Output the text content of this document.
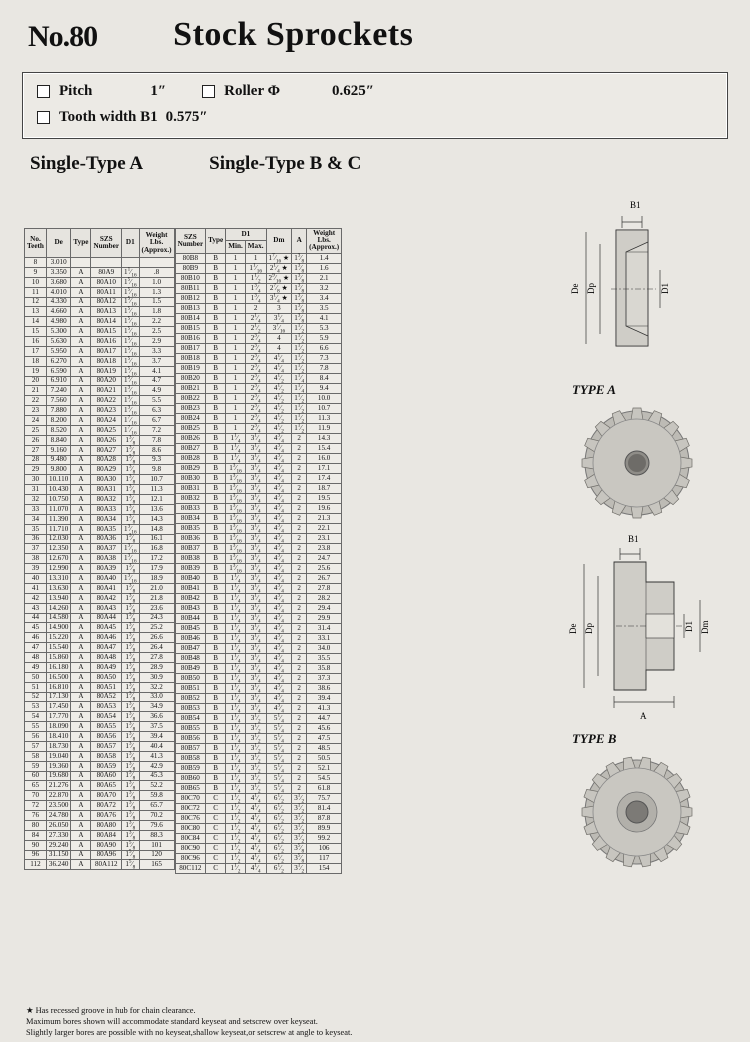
No.80 Stock Sprockets
Pitch	1″	Roller Φ	0.625″
Tooth width B1 0.575″
Single-Type A	Single-Type B & C
No.
Teeth	De	Type	SZS
Number	D1	Weight
Lbs.
(Approx.)
8	3.010				
9	3.350	A	80A9	$1^1⁄_{16}$	.8
10	3.680	A	80A10	$1^5⁄_{16}$	1.0
11	4.010	A	80A11	$1^5⁄_{16}$	1.3
12	4.330	A	80A12	$1^5⁄_{16}$	1.5
13	4.660	A	80A13	$1^5⁄_{16}$	1.8
14	4.980	A	80A14	$1^5⁄_{16}$	2.2
15	5.300	A	80A15	$1^5⁄_{16}$	2.5
16	5.630	A	80A16	$1^5⁄_{16}$	2.9
17	5.950	A	80A17	$1^5⁄_{16}$	3.3
18	6.270	A	80A18	$1^5⁄_{16}$	3.7
19	6.590	A	80A19	$1^5⁄_{16}$	4.1
20	6.910	A	80A20	$1^5⁄_{16}$	4.7
21	7.240	A	80A21	$1^3⁄_{16}$	4.9
22	7.560	A	80A22	$1^3⁄_{16}$	5.5
23	7.880	A	80A23	$1^3⁄_{16}$	6.3
24	8.200	A	80A24	$1^7⁄_{16}$	6.7
25	8.520	A	80A25	$1^7⁄_{16}$	7.2
26	8.840	A	80A26	$1^3⁄_8$	7.8
27	9.160	A	80A27	$1^3⁄_8$	8.6
28	9.480	A	80A28	$1^3⁄_8$	9.3
29	9.800	A	80A29	$1^3⁄_8$	9.8
30	10.110	A	80A30	$1^3⁄_8$	10.7
31	10.430	A	80A31	$1^3⁄_8$	11.3
32	10.750	A	80A32	$1^3⁄_8$	12.1
33	11.070	A	80A33	$1^3⁄_8$	13.6
34	11.390	A	80A34	$1^3⁄_8$	14.3
35	11.710	A	80A35	$1^3⁄_{16}$	14.8
36	12.030	A	80A36	$1^3⁄_8$	16.1
37	12.350	A	80A37	$1^3⁄_{16}$	16.8
38	12.670	A	80A38	$1^3⁄_{16}$	17.2
39	12.990	A	80A39	$1^3⁄_8$	17.9
40	13.310	A	80A40	$1^3⁄_{16}$	18.9
41	13.630	A	80A41	$1^3⁄_8$	21.0
42	13.940	A	80A42	$1^3⁄_8$	21.8
43	14.260	A	80A43	$1^3⁄_8$	23.6
44	14.580	A	80A44	$1^3⁄_8$	24.3
45	14.900	A	80A45	$1^3⁄_8$	25.2
46	15.220	A	80A46	$1^3⁄_8$	26.6
47	15.540	A	80A47	$1^3⁄_8$	26.4
48	15.860	A	80A48	$1^3⁄_8$	27.8
49	16.180	A	80A49	$1^3⁄_8$	28.9
50	16.500	A	80A50	$1^3⁄_8$	30.9
51	16.810	A	80A51	$1^3⁄_8$	32.2
52	17.130	A	80A52	$1^3⁄_8$	33.0
53	17.450	A	80A53	$1^3⁄_8$	34.9
54	17.770	A	80A54	$1^3⁄_8$	36.6
55	18.090	A	80A55	$1^3⁄_8$	37.5
56	18.410	A	80A56	$1^3⁄_8$	39.4
57	18.730	A	80A57	$1^3⁄_8$	40.4
58	19.040	A	80A58	$1^3⁄_8$	41.3
59	19.360	A	80A59	$1^3⁄_8$	42.9
60	19.680	A	80A60	$1^3⁄_8$	45.3
65	21.276	A	80A65	$1^3⁄_8$	52.2
70	22.870	A	80A70	$1^3⁄_8$	59.8
72	23.500	A	80A72	$1^3⁄_8$	65.7
76	24.780	A	80A76	$1^3⁄_8$	70.2
80	26.050	A	80A80	$1^3⁄_8$	79.6
84	27.330	A	80A84	$1^3⁄_8$	88.3
90	29.240	A	80A90	$1^5⁄_8$	101
96	31.150	A	80A96	$1^5⁄_8$	120
112	36.240	A	80A112	$1^5⁄_8$	165
SZS
Number	Type	D1		Dm	A	Weight
Lbs.
(Approx.)
		Min.	Max.			
80B8	B	1	1	$1^7⁄_{16}$ ★	$1^3⁄_8$	1.4
80B9	B	1	$1^1⁄_{16}$	$2^1⁄_4$ ★	$1^3⁄_8$	1.6
80B10	B	1	$1^1⁄_2$	$2^9⁄_{16}$ ★	$1^3⁄_8$	2.1
80B11	B	1	$1^3⁄_4$	$2^7⁄_8$ ★	$1^3⁄_8$	3.2
80B12	B	1	$1^3⁄_4$	$3^1⁄_4$ ★	$1^3⁄_8$	3.4
80B13	B	1	2	3	$1^3⁄_8$	3.5
80B14	B	1	$2^1⁄_4$	$3^1⁄_4$	$1^3⁄_8$	4.1
80B15	B	1	$2^1⁄_2$	$3^7⁄_{16}$	$1^1⁄_2$	5.3
80B16	B	1	$2^3⁄_4$	4	$1^1⁄_2$	5.9
80B17	B	1	$2^3⁄_4$	4	$1^1⁄_2$	6.6
80B18	B	1	$2^3⁄_4$	$4^1⁄_4$	$1^1⁄_2$	7.3
80B19	B	1	$2^3⁄_4$	$4^1⁄_4$	$1^1⁄_2$	7.8
80B20	B	1	$2^3⁄_4$	$4^1⁄_2$	$1^1⁄_4$	8.4
80B21	B	1	$2^3⁄_4$	$4^1⁄_2$	$1^1⁄_4$	9.4
80B22	B	1	$2^3⁄_4$	$4^1⁄_2$	$1^1⁄_2$	10.0
80B23	B	1	$2^3⁄_4$	$4^1⁄_2$	$1^1⁄_2$	10.7
80B24	B	1	$2^3⁄_4$	$4^1⁄_2$	$1^1⁄_2$	11.3
80B25	B	1	$2^3⁄_4$	$4^1⁄_2$	$1^1⁄_2$	11.9
80B26	B	$1^1⁄_4$	$3^1⁄_4$	$4^3⁄_4$	2	14.3
80B27	B	$1^1⁄_4$	$3^1⁄_4$	$4^3⁄_4$	2	15.4
80B28	B	$1^1⁄_4$	$3^1⁄_4$	$4^3⁄_4$	2	16.0
80B29	B	$1^3⁄_{16}$	$3^1⁄_4$	$4^3⁄_4$	2	17.1
80B30	B	$1^3⁄_{16}$	$3^1⁄_4$	$4^3⁄_4$	2	17.4
80B31	B	$1^3⁄_{16}$	$3^1⁄_4$	$4^3⁄_4$	2	18.7
80B32	B	$1^3⁄_{16}$	$3^1⁄_4$	$4^3⁄_4$	2	19.5
80B33	B	$1^3⁄_{16}$	$3^1⁄_4$	$4^3⁄_4$	2	19.6
80B34	B	$1^3⁄_{16}$	$3^1⁄_4$	$4^3⁄_4$	2	21.3
80B35	B	$1^3⁄_{16}$	$3^1⁄_4$	$4^3⁄_4$	2	22.1
80B36	B	$1^3⁄_{16}$	$3^1⁄_4$	$4^3⁄_4$	2	23.1
80B37	B	$1^3⁄_{16}$	$3^1⁄_4$	$4^3⁄_4$	2	23.8
80B38	B	$1^3⁄_{16}$	$3^1⁄_4$	$4^3⁄_4$	2	24.7
80B39	B	$1^3⁄_{16}$	$3^1⁄_4$	$4^3⁄_4$	2	25.6
80B40	B	$1^1⁄_4$	$3^1⁄_4$	$4^3⁄_4$	2	26.7
80B41	B	$1^1⁄_4$	$3^1⁄_4$	$4^3⁄_4$	2	27.8
80B42	B	$1^1⁄_4$	$3^1⁄_4$	$4^3⁄_4$	2	28.2
80B43	B	$1^1⁄_4$	$3^1⁄_4$	$4^3⁄_4$	2	29.4
80B44	B	$1^1⁄_4$	$3^1⁄_4$	$4^3⁄_4$	2	29.9
80B45	B	$1^1⁄_4$	$3^1⁄_4$	$4^3⁄_4$	2	31.4
80B46	B	$1^1⁄_4$	$3^1⁄_4$	$4^3⁄_4$	2	33.1
80B47	B	$1^1⁄_4$	$3^1⁄_4$	$4^3⁄_4$	2	34.0
80B48	B	$1^1⁄_4$	$3^1⁄_4$	$4^3⁄_4$	2	35.5
80B49	B	$1^1⁄_4$	$3^1⁄_4$	$4^3⁄_4$	2	35.8
80B50	B	$1^1⁄_4$	$3^1⁄_4$	$4^3⁄_4$	2	37.3
80B51	B	$1^1⁄_4$	$3^1⁄_4$	$4^3⁄_4$	2	38.6
80B52	B	$1^1⁄_4$	$3^1⁄_4$	$4^3⁄_4$	2	39.4
80B53	B	$1^1⁄_4$	$3^1⁄_4$	$4^3⁄_4$	2	41.3
80B54	B	$1^1⁄_4$	$3^1⁄_2$	$5^1⁄_4$	2	44.7
80B55	B	$1^1⁄_4$	$3^1⁄_2$	$5^1⁄_4$	2	45.6
80B56	B	$1^1⁄_4$	$3^1⁄_2$	$5^1⁄_4$	2	47.5
80B57	B	$1^1⁄_4$	$3^1⁄_2$	$5^1⁄_4$	2	48.5
80B58	B	$1^1⁄_4$	$3^1⁄_2$	$5^1⁄_4$	2	50.5
80B59	B	$1^1⁄_4$	$3^1⁄_2$	$5^1⁄_4$	2	52.1
80B60	B	$1^1⁄_4$	$3^1⁄_2$	$5^1⁄_4$	2	54.5
80B65	B	$1^1⁄_4$	$3^1⁄_2$	$5^1⁄_4$	2	61.8
80C70	C	$1^1⁄_2$	$4^1⁄_4$	$6^1⁄_2$	$3^1⁄_2$	75.7
80C72	C	$1^1⁄_2$	$4^1⁄_4$	$6^1⁄_2$	$3^1⁄_2$	81.4
80C76	C	$1^1⁄_2$	$4^1⁄_4$	$6^1⁄_2$	$3^1⁄_2$	87.8
80C80	C	$1^1⁄_2$	$4^1⁄_4$	$6^1⁄_2$	$3^1⁄_2$	89.9
80C84	C	$1^1⁄_2$	$4^1⁄_4$	$6^1⁄_2$	$3^1⁄_2$	99.2
80C90	C	$1^1⁄_2$	$4^1⁄_4$	$6^1⁄_2$	$3^5⁄_8$	106
80C96	C	$1^1⁄_2$	$4^1⁄_4$	$6^1⁄_2$	$3^5⁄_8$	117
80C112	C	$1^1⁄_2$	$4^1⁄_4$	$6^1⁄_2$	$3^1⁄_2$	154
B1
De Dp	D1
TYPE A
B1
De Dp	D1 Dm
A
TYPE B
★ Has recessed groove in hub for chain clearance.
Maximum bores shown will accommodate standard keyseat and setscrew over keyseat.
Slightly larger bores are possible with no keyseat,shallow keyseat,or setscrew at angle to keyseat.
